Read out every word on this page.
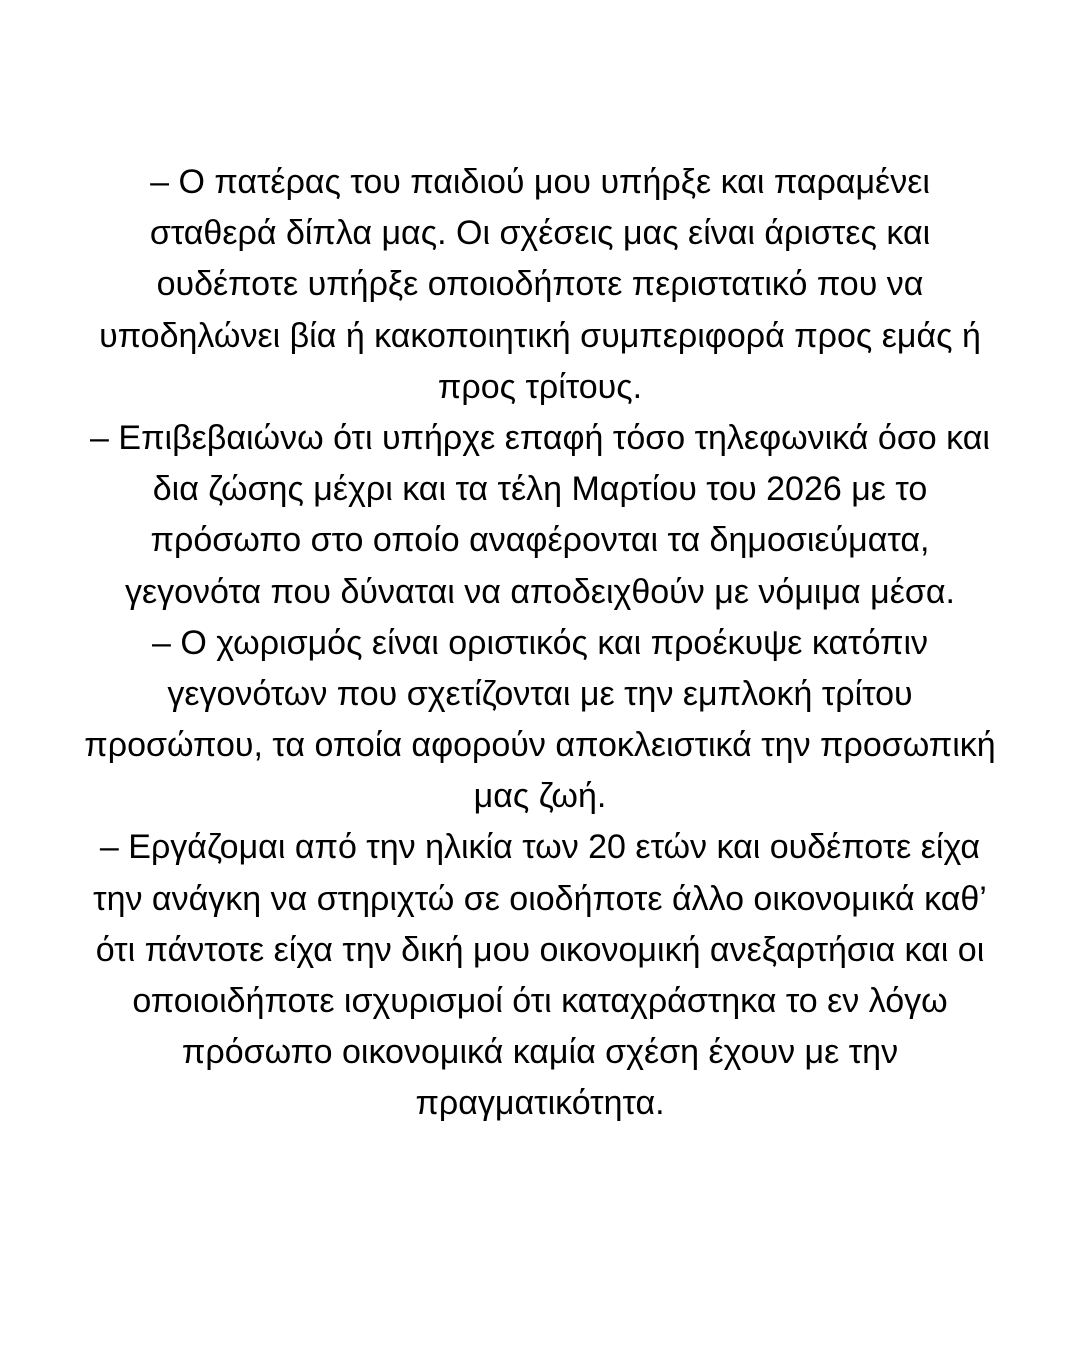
– Ο πατέρας του παιδιού μου υπήρξε και παραμένει
σταθερά δίπλα μας. Οι σχέσεις μας είναι άριστες και
ουδέποτε υπήρξε οποιοδήποτε περιστατικό που να
υποδηλώνει βία ή κακοποιητική συμπεριφορά προς εμάς ή
προς τρίτους.
– Επιβεβαιώνω ότι υπήρχε επαφή τόσο τηλεφωνικά όσο και
δια ζώσης μέχρι και τα τέλη Μαρτίου του 2026 με το
πρόσωπο στο οποίο αναφέρονται τα δημοσιεύματα,
γεγονότα που δύναται να αποδειχθούν με νόμιμα μέσα.
– Ο χωρισμός είναι οριστικός και προέκυψε κατόπιν
γεγονότων που σχετίζονται με την εμπλοκή τρίτου
προσώπου, τα οποία αφορούν αποκλειστικά την προσωπική
μας ζωή.
– Εργάζομαι από την ηλικία των 20 ετών και ουδέποτε είχα
την ανάγκη να στηριχτώ σε οιοδήποτε άλλο οικονομικά καθ’
ότι πάντοτε είχα την δική μου οικονομική ανεξαρτήσια και οι
οποιοιδήποτε ισχυρισμοί ότι καταχράστηκα το εν λόγω
πρόσωπο οικονομικά καμία σχέση έχουν με την
πραγματικότητα.
